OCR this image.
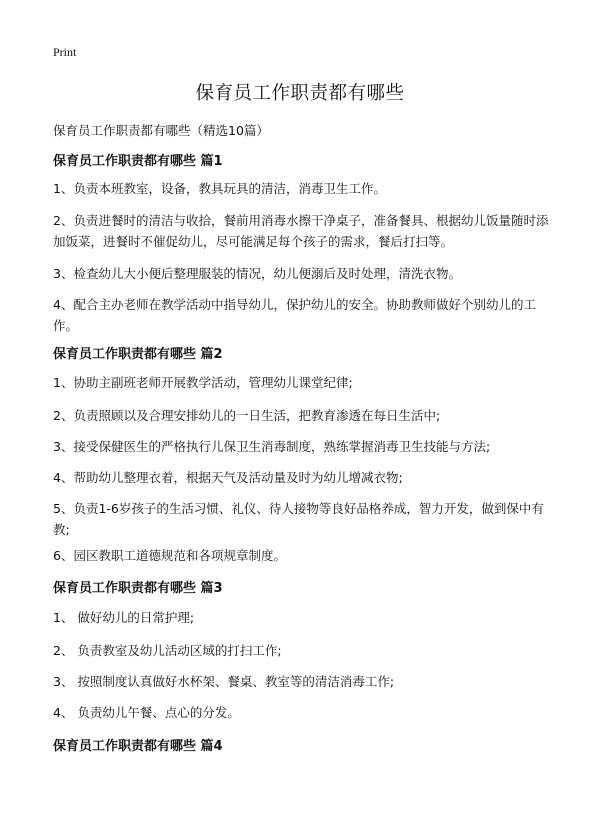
Print
保育员工作职责都有哪些
保育员工作职责都有哪些（精选10篇）
保育员工作职责都有哪些 篇1

1、负责本班教室，设备，教具玩具的清洁，消毒卫生工作。

2、负责进餐时的清洁与收拾，餐前用消毒水擦干净桌子，准备餐具、根据幼儿饭量随时添加饭菜，进餐时不催促幼儿，尽可能满足每个孩子的需求，餐后打扫等。

3、检查幼儿大小便后整理服装的情况，幼儿便溺后及时处理，清洗衣物。

4、配合主办老师在教学活动中指导幼儿，保护幼儿的安全。协助教师做好个别幼儿的工作。

保育员工作职责都有哪些 篇2

1、协助主副班老师开展教学活动，管理幼儿课堂纪律;

2、负责照顾以及合理安排幼儿的一日生活，把教育渗透在每日生活中;

3、接受保健医生的严格执行儿保卫生消毒制度，熟练掌握消毒卫生技能与方法;

4、帮助幼儿整理衣着，根据天气及活动量及时为幼儿增减衣物;

5、负责1-6岁孩子的生活习惯、礼仪、待人接物等良好品格养成，智力开发，做到保中有教;

6、园区教职工道德规范和各项规章制度。

保育员工作职责都有哪些 篇3

1、 做好幼儿的日常护理;

2、 负责教室及幼儿活动区域的打扫工作;

3、 按照制度认真做好水杯架、餐桌、教室等的清洁消毒工作;

4、 负责幼儿午餐、点心的分发。

保育员工作职责都有哪些 篇4
